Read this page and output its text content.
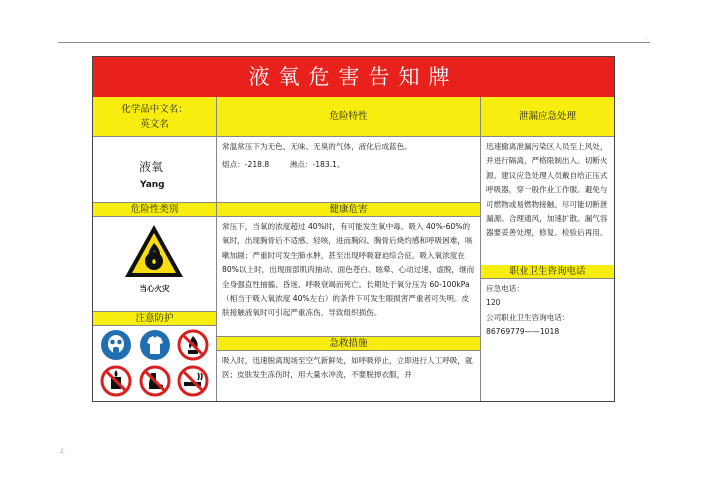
·
2 ·
液氧危害告知牌
化学品中文名：
英文名
危险特性	泄漏应急处理
液氧
Yang
常温常压下为无色、无味、无臭的气体，液化后成蓝色。
熔点：-218.8	沸点：-183.1。
迅速撤离泄漏污染区人员至上风处，并进行隔离，严格限制出入。切断火源。建议应急处理人员戴自给正压式呼吸器，穿一般作业工作服。避免与可燃物或易燃物接触。尽可能切断泄漏源。合理通风，加速扩散。漏气容器要妥善处理，修复、检验后再用。
危险性类别	健康危害
当心火灾
常压下，当氧的浓度超过 40%时，有可能发生氧中毒。吸入 40%-60%的氧时，出现胸骨后不适感、轻咳，进而胸闷、胸骨后烧灼感和呼吸困难，咳嗽加剧；严重时可发生肺水肿，甚至出现呼吸窘迫综合征。吸入氧浓度在 80%以上时，出现面部肌肉抽动、面色苍白、眩晕、心动过速、虚脱，继而全身强直性抽搐、昏迷、呼吸衰竭而死亡。长期处于氧分压为 60-100kPa（相当于吸入氧浓度 40%左右）的条件下可发生眼损害严重者可失明。皮肤接触液氧时可引起严重冻伤，导致组织损伤。
职业卫生咨询电话
应急电话：
120
公司职业卫生咨询电话：
86769779——1018
注意防护
急救措施
吸入时，迅速脱离现场至空气新鲜处，如呼吸停止，立即进行人工呼吸，就医；皮肤发生冻伤时，用大量水冲洗，不要脱掉衣服，并
